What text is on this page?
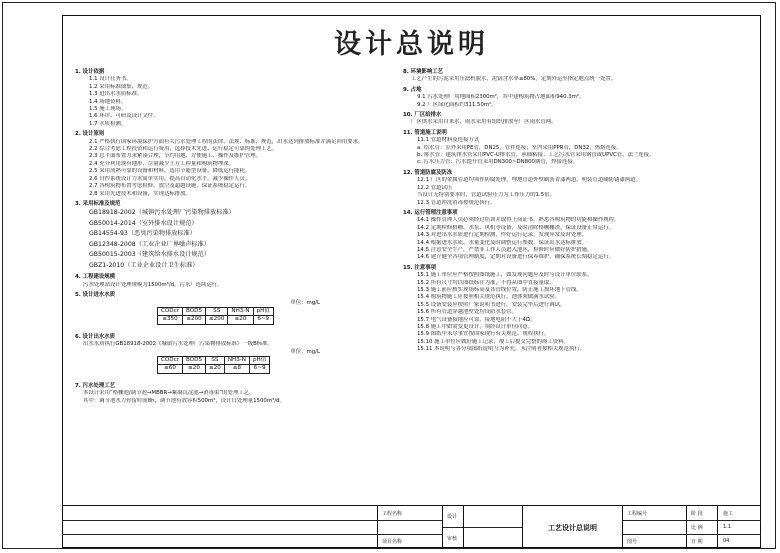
设计总说明
1. 设计依据
1.1 设计任务书。
1.2 采用标准图集、规范。
1.3 进出水水质标准。
1.4 场地资料。
1.5 施工现场。
1.6 环评、可研及设计文件。
1.7 水质检测。
2. 设计原则
2.1 严格执行国家环境保护方面有关污水处理工程的法律、法规、标准、规范，出水达到排放标准并满足回用要求。
2.2 综合考虑工程投资和运行费用，选择技术先进、运行稳定可靠的处理工艺。
2.3 总平面布置力求紧凑合理，节约用地，方便施工、操作及维护管理。
2.4 充分利用现有地形，尽量减少土方工程量和构筑物埋深。
2.5 采用成熟可靠的设备和材料，选用节能型设备，降低运行能耗。
2.6 自控系统设计力求简单实用，提高自动化水平，减少操作人员。
2.7 各构筑物布置考虑检修、放空及超越设施，保证系统稳定运行。
2.8 采用先进技术和设备，实现达标排放。
3. 采用标准及规范
GB18918-2002（城镇污水处理厂污染物排放标准）
GB50014-2014（室外排水设计规范）
GB14554-93（恶臭污染物排放标准）
GB12348-2008（工业企业厂界噪声标准）
GB50015-2003（建筑给水排水设计规范）
GBZ1-2010（工业企业设计卫生标准）
4. 工程建设规模
污水处理站设计处理规模为1500m³/d，污水厂连续运行。
5. 设计进水水质
单位：mg/L
CODcr	BOD5	SS	NH3-N	pH值
≤350	≤200	≤200	≤20	6~9
6. 设计出水水质
出水水质执行GB18918-2002《城镇污水处理厂污染物排放标准》一级B标准。
单位：mg/L
CODcr	BOD5	SS	NH3-N	pH值
≤60	≤20	≤20	≤8	6~9
7. 污水处理工艺
本设计采用“格栅池/调节池→MBBR→絮凝沉淀池→消毒渠”的处理工艺。
其中：调节池水力停留时间8h，调节池有效容积500m³，设计日处理量1500m³/d。
8. 环境影响工艺
工艺产生的污泥采用压滤机脱水，泥饼含水率≤80%，定期外运至指定地点统一处置。
9. 占地
9.1 污水处理厂用地面积2300m²，其中建构筑物占地面积940.3m²。
9.2 厂区绿化面积约311.50m²。
10. 厂区给排水
厂区供水采用自来水，雨水采用有组织排放至厂区雨水管网。
11. 管道施工说明
11.1 管道材料及连接方式
a. 给水管：室外采用PE管，DN25，管件连接；室内采用PPR管，DN32，热熔连接。
b. 排水管：建筑排水管采用PVC-U排水管，承插粘接；工艺污水管采用钢管或UPVC管，法兰连接。
c. 污水压力管：污水提升管采用DN300~DN800钢管，焊接连接。
12. 管道防腐及防冻
12.1 厂区的金属管道均须作防腐处理，埋地管道外壁刷沥青漆两道，明装管道刷防锈漆两道。
12.2 管道试压
当设计无特别要求时，管道试验压力为工作压力的1.5倍。
12.3 管道冲洗消毒按规范执行。
14. 运行管理注意事项
14.1 操作管理人员必须经过培训并取得上岗证书，熟悉各构筑物的功能和操作规程。
14.2 定期检修格栅、水泵、风机等设备，及时清除格栅栅渣，保证设备正常运行。
14.3 对进出水水质进行定期检测，作好运行记录，发现异常及时处理。
14.4 根据进水水质、水量变化及时调整运行参数，保证出水达标排放。
14.5 注意安全生产，严禁非工作人员进入池区，检修时应做好防护措施。
14.6 建立健全各项管理制度，定期对设备进行保养维护，确保系统长期稳定运行。
15. 注意事项
15.1 施工单位应严格按照图纸施工，如发现问题应及时与设计单位联系。
15.2 所有尺寸均以图纸标注为准，不得从图中直接量取。
15.3 施工前应核实现场标高及各管线位置，防止施工损坏地下管线。
15.4 构筑物施工应按照相关规范执行，池体须做满水试验。
15.5 设备安装应按照厂家说明书进行，安装完毕后进行调试。
15.6 所有管道穿越池壁处均设防水套管。
15.7 电气设备接地应可靠，接地电阻不大于4Ω。
15.8 施工中如需变更设计，须经设计单位同意。
15.9 图纸中未尽事宜按国家现行有关规范、规程执行。
15.10 施工单位应做好施工记录，竣工后提交完整的竣工资料。
15.11 本说明与各分项图纸说明互为补充，未注明者按相关规范执行。
工程名称
项目名称
设计
审核
工艺设计总说明
工程编号
图号
阶 段	施工
比 例	1:1
日 期	04
